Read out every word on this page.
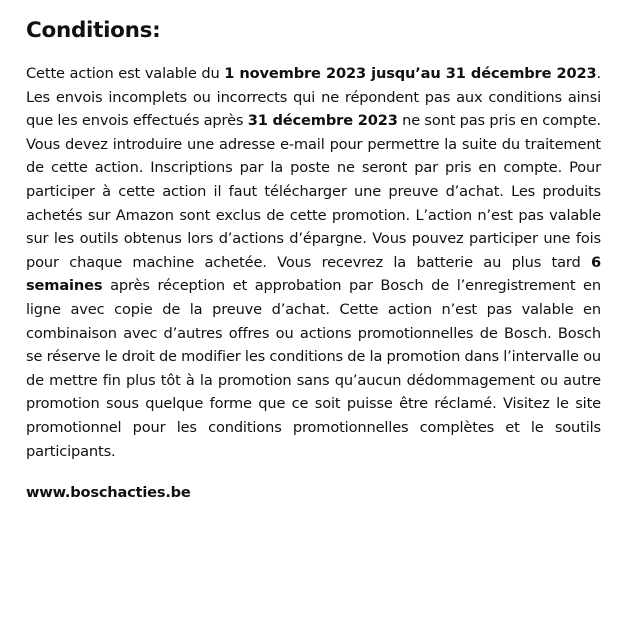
Conditions:

Cette action est valable du 1 novembre 2023 jusqu’au 31 décembre 2023. Les envois incomplets ou incorrects qui ne répondent pas aux conditions ainsi que les envois effectués après 31 décembre 2023 ne sont pas pris en compte. Vous devez introduire une adresse e-mail pour permettre la suite du traitement de cette action. Inscriptions par la poste ne seront par pris en compte. Pour participer à cette action il faut télécharger une preuve d’achat. Les produits achetés sur Amazon sont exclus de cette promotion. L’action n’est pas valable sur les outils obtenus lors d’actions d’épargne. Vous pouvez participer une fois pour chaque machine achetée. Vous recevrez la batterie au plus tard 6 semaines après réception et approbation par Bosch de l’enregistrement en ligne avec copie de la preuve d’achat. Cette action n’est pas valable en combinaison avec d’autres offres ou actions promotionnelles de Bosch. Bosch se réserve le droit de modifier les conditions de la promotion dans l’intervalle ou de mettre fin plus tôt à la promotion sans qu’aucun dédommagement ou autre promotion sous quelque forme que ce soit puisse être réclamé. Visitez le site promotionnel pour les conditions promotionnelles complètes et le soutils participants.

www.boschacties.be
